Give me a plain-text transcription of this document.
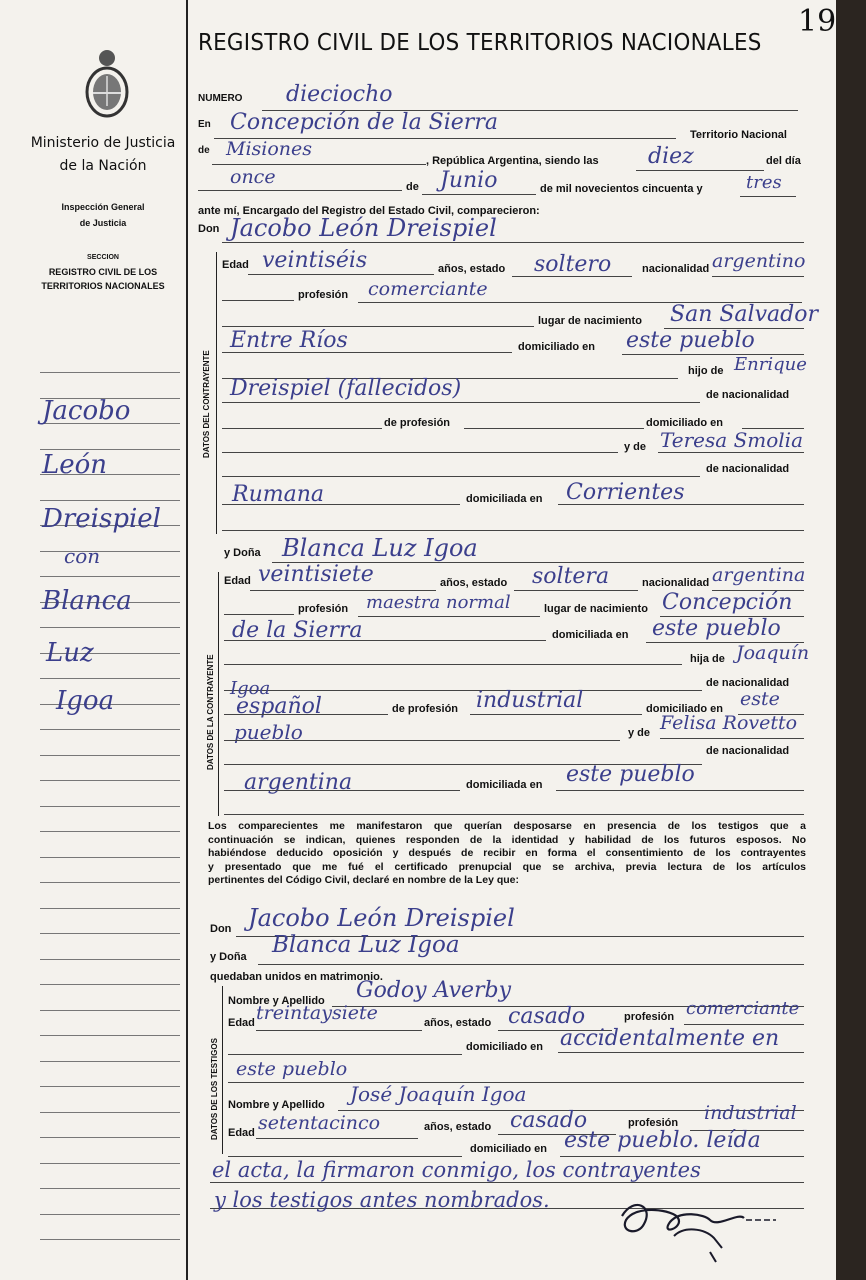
19
Ministerio de Justicia
de la Nación
Inspección General
de Justicia
SECCION
REGISTRO CIVIL DE LOS
TERRITORIOS NACIONALES
Jacobo
León
Dreispiel
con
Blanca
Luz
Igoa
REGISTRO CIVIL DE LOS TERRITORIOS NACIONALES
NUMERO dieciocho
En Concepción de la Sierra	Territorio Nacional
de Misiones
, República Argentina, siendo las diez	del día
once	de Junio	de mil novecientos cincuenta y tres
ante mí, Encargado del Registro del Estado Civil, comparecieron:
Don Jacobo León Dreispiel
DATOS DEL CONTRAYENTE
Edad veintiséis	años, estado soltero	nacionalidad argentino
profesión comerciante
lugar de nacimiento San Salvador
Entre Ríos	domiciliado en este pueblo
hijo de Enrique
Dreispiel (fallecidos)	de nacionalidad
de profesión	domiciliado en
y de Teresa Smolia
de nacionalidad
Rumana	domiciliada en Corrientes
y Doña Blanca Luz Igoa
DATOS DE LA CONTRAYENTE
Edad veintisiete	años, estado soltera	nacionalidad argentina
profesión maestra normal	lugar de nacimiento Concepción
de la Sierra	domiciliada en este pueblo
hija de Joaquín
de nacionalidad
Igoa
español	de profesión industrial	domiciliado en este
pueblo	y de Felisa Rovetto
de nacionalidad
argentina	domiciliada en este pueblo
Los comparecientes me manifestaron que querían desposarse en presencia de los testigos que a
continuación se indican, quienes responden de la identidad y habilidad de los futuros esposos. No
habiéndose deducido oposición y después de recibir en forma el consentimiento de los contrayentes
y presentado que me fué el certificado prenupcial que se archiva, previa lectura de los artículos
pertinentes del Código Civil, declaré en nombre de la Ley que:
Don Jacobo León Dreispiel
y Doña Blanca Luz Igoa
quedaban unidos en matrimonio.
DATOS DE LOS TESTIGOS
Nombre y Apellido Godoy Averby
Edad treintaysiete	años, estado casado	profesión comerciante
domiciliado en accidentalmente en
este pueblo
Nombre y Apellido José Joaquín Igoa
Edad setentacinco	años, estado casado	profesión industrial
domiciliado en este pueblo. leída
el acta, la firmaron conmigo, los contrayentes
y los testigos antes nombrados.
